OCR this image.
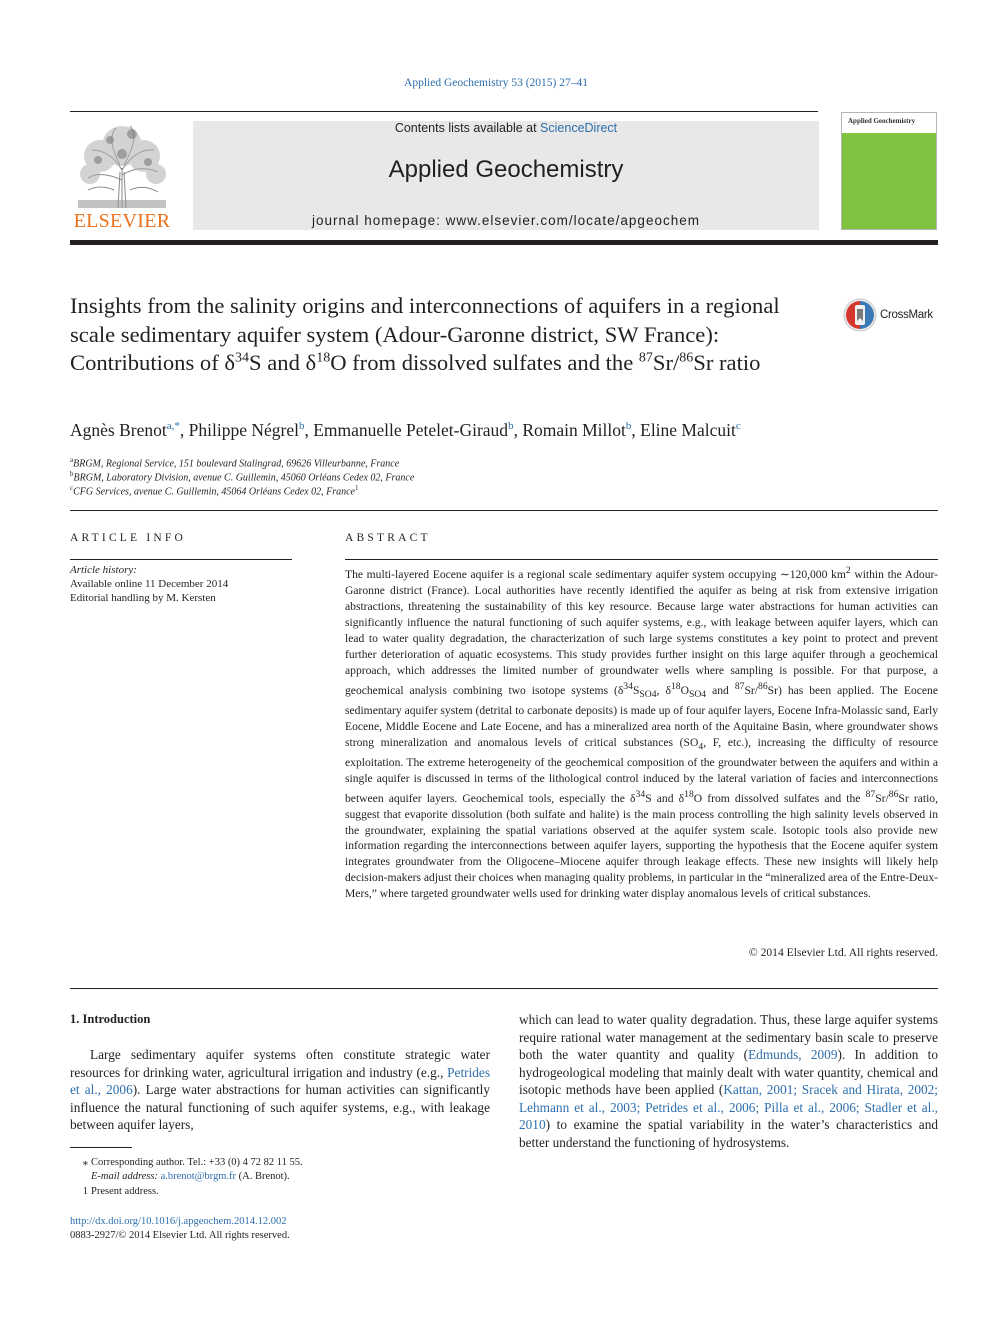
Applied Geochemistry 53 (2015) 27–41
ELSEVIER
Contents lists available at ScienceDirect
Applied Geochemistry
journal homepage: www.elsevier.com/locate/apgeochem
Applied Geochemistry
Insights from the salinity origins and interconnections of aquifers in a regional scale sedimentary aquifer system (Adour-Garonne district, SW France): Contributions of $\delta^{34}S$ and $\delta^{18}O$ from dissolved sulfates and the $^{87}$Sr/$^{86}$Sr ratio
CrossMark
Agnès Brenot$^{a,*}$, Philippe Négrel$^b$, Emmanuelle Petelet-Giraud$^b$, Romain Millot$^b$, Eline Malcuit$^c$
$^a$BRGM, Regional Service, 151 boulevard Stalingrad, 69626 Villeurbanne, France
$^b$BRGM, Laboratory Division, avenue C. Guillemin, 45060 Orléans Cedex 02, France
$^c$CFG Services, avenue C. Guillemin, 45064 Orléans Cedex 02, France$^1$
ARTICLE INFO
Article history:
Available online 11 December 2014
Editorial handling by M. Kersten
ABSTRACT
The multi-layered Eocene aquifer is a regional scale sedimentary aquifer system occupying ∼120,000 $km^2$ within the Adour-Garonne district (France). Local authorities have recently identified the aquifer as being at risk from extensive irrigation abstractions, threatening the sustainability of this key resource. Because large water abstractions for human activities can significantly influence the natural functioning of such aquifer systems, e.g., with leakage between aquifer layers, which can lead to water quality degradation, the characterization of such large systems constitutes a key point to protect and prevent further deterioration of aquatic ecosystems. This study provides further insight on this large aquifer through a geochemical approach, which addresses the limited number of groundwater wells where sampling is possible. For that purpose, a geochemical analysis combining two isotope systems ($\delta^{34}S_{SO4}$, $\delta^{18}O_{SO4}$ and $^{87}$Sr/$^{86}$Sr) has been applied. The Eocene sedimentary aquifer system (detrital to carbonate deposits) is made up of four aquifer layers, Eocene Infra-Molassic sand, Early Eocene, Middle Eocene and Late Eocene, and has a mineralized area north of the Aquitaine Basin, where groundwater shows strong mineralization and anomalous levels of critical substances ($SO_4$, F, etc.), increasing the difficulty of resource exploitation. The extreme heterogeneity of the geochemical composition of the groundwater between the aquifers and within a single aquifer is discussed in terms of the lithological control induced by the lateral variation of facies and interconnections between aquifer layers. Geochemical tools, especially the $\delta^{34}S$ and $\delta^{18}O$ from dissolved sulfates and the $^{87}$Sr/$^{86}$Sr ratio, suggest that evaporite dissolution (both sulfate and halite) is the main process controlling the high salinity levels observed in the groundwater, explaining the spatial variations observed at the aquifer system scale. Isotopic tools also provide new information regarding the interconnections between aquifer layers, supporting the hypothesis that the Eocene aquifer system integrates groundwater from the Oligocene–Miocene aquifer through leakage effects. These new insights will likely help decision-makers adjust their choices when managing quality problems, in particular in the “mineralized area of the Entre-Deux-Mers,” where targeted groundwater wells used for drinking water display anomalous levels of critical substances.
© 2014 Elsevier Ltd. All rights reserved.
1. Introduction
Large sedimentary aquifer systems often constitute strategic water resources for drinking water, agricultural irrigation and industry (e.g., Petrides et al., 2006). Large water abstractions for human activities can significantly influence the natural functioning of such aquifer systems, e.g., with leakage between aquifer layers,
which can lead to water quality degradation. Thus, these large aquifer systems require rational water management at the sedimentary basin scale to preserve both the water quantity and quality (Edmunds, 2009). In addition to hydrogeological modeling that mainly dealt with water quantity, chemical and isotopic methods have been applied (Kattan, 2001; Sracek and Hirata, 2002; Lehmann et al., 2003; Petrides et al., 2006; Pilla et al., 2006; Stadler et al., 2010) to examine the spatial variability in the water’s characteristics and better understand the functioning of hydrosystems.
⁎ Corresponding author. Tel.: +33 (0) 4 72 82 11 55.
E-mail address: a.brenot@brgm.fr (A. Brenot).
1 Present address.
http://dx.doi.org/10.1016/j.apgeochem.2014.12.002
0883-2927/© 2014 Elsevier Ltd. All rights reserved.
